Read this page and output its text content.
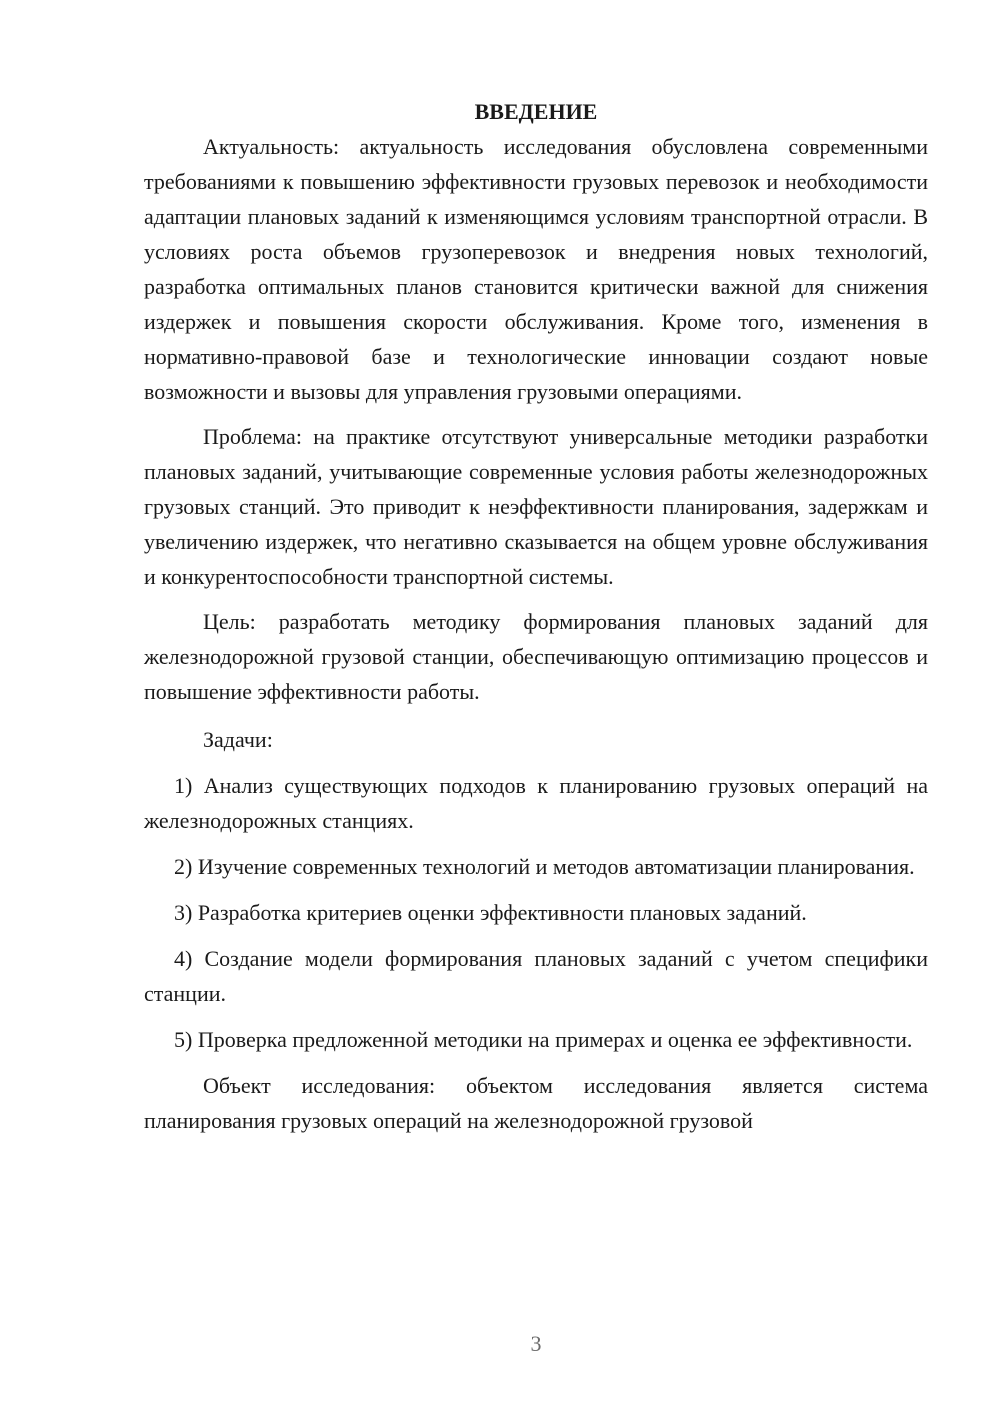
ВВЕДЕНИЕ

Актуальность: актуальность исследования обусловлена современными требованиями к повышению эффективности грузовых перевозок и необходимости адаптации плановых заданий к изменяющимся условиям транспортной отрасли. В условиях роста объемов грузоперевозок и внедрения новых технологий, разработка оптимальных планов становится критически важной для снижения издержек и повышения скорости обслуживания. Кроме того, изменения в нормативно-правовой базе и технологические инновации создают новые возможности и вызовы для управления грузовыми операциями.

Проблема: на практике отсутствуют универсальные методики разработки плановых заданий, учитывающие современные условия работы железнодорожных грузовых станций. Это приводит к неэффективности планирования, задержкам и увеличению издержек, что негативно сказывается на общем уровне обслуживания и конкурентоспособности транспортной системы.

Цель: разработать методику формирования плановых заданий для железнодорожной грузовой станции, обеспечивающую оптимизацию процессов и повышение эффективности работы.

Задачи:

1) Анализ существующих подходов к планированию грузовых операций на железнодорожных станциях.

2) Изучение современных технологий и методов автоматизации планирования.

3) Разработка критериев оценки эффективности плановых заданий.

4) Создание модели формирования плановых заданий с учетом специфики станции.

5) Проверка предложенной методики на примерах и оценка ее эффективности.

Объект исследования: объектом исследования является система планирования грузовых операций на железнодорожной грузовой

3
